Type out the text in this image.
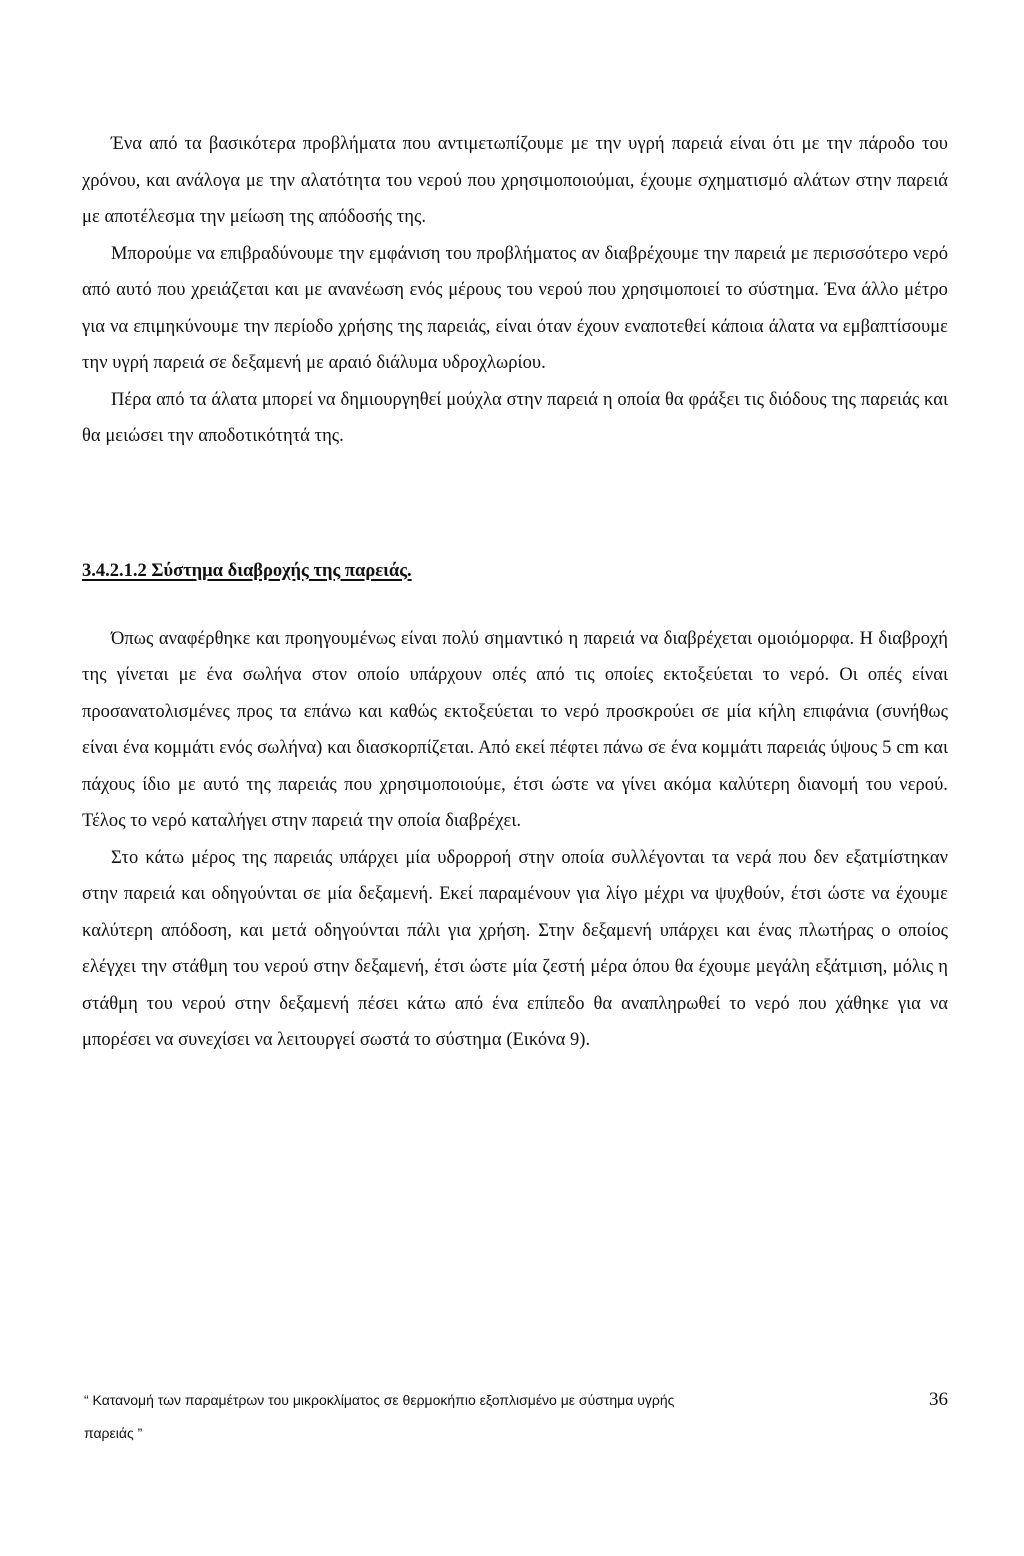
Ένα από τα βασικότερα προβλήματα που αντιμετωπίζουμε με την υγρή παρειά είναι ότι με την πάροδο του χρόνου, και ανάλογα με την αλατότητα του νερού που χρησιμοποιούμαι, έχουμε σχηματισμό αλάτων στην παρειά με αποτέλεσμα την μείωση της απόδοσής της.

Μπορούμε να επιβραδύνουμε την εμφάνιση του προβλήματος αν διαβρέχουμε την παρειά με περισσότερο νερό από αυτό που χρειάζεται και με ανανέωση ενός μέρους του νερού που χρησιμοποιεί το σύστημα. Ένα άλλο μέτρο για να επιμηκύνουμε την περίοδο χρήσης της παρειάς, είναι όταν έχουν εναποτεθεί κάποια άλατα να εμβαπτίσουμε την υγρή παρειά σε δεξαμενή με αραιό διάλυμα υδροχλωρίου.

Πέρα από τα άλατα μπορεί να δημιουργηθεί μούχλα στην παρειά η οποία θα φράξει τις διόδους της παρειάς και θα μειώσει την αποδοτικότητά της.

3.4.2.1.2 Σύστημα διαβροχής της παρειάς.

Όπως αναφέρθηκε και προηγουμένως είναι πολύ σημαντικό η παρειά να διαβρέχεται ομοιόμορφα. Η διαβροχή της γίνεται με ένα σωλήνα στον οποίο υπάρχουν οπές από τις οποίες εκτοξεύεται το νερό. Οι οπές είναι προσανατολισμένες προς τα επάνω και καθώς εκτοξεύεται το νερό προσκρούει σε μία κήλη επιφάνια (συνήθως είναι ένα κομμάτι ενός σωλήνα) και διασκορπίζεται. Από εκεί πέφτει πάνω σε ένα κομμάτι παρειάς ύψους 5 cm και πάχους ίδιο με αυτό της παρειάς που χρησιμοποιούμε, έτσι ώστε να γίνει ακόμα καλύτερη διανομή του νερού. Τέλος το νερό καταλήγει στην παρειά την οποία διαβρέχει.

Στο κάτω μέρος της παρειάς υπάρχει μία υδρορροή στην οποία συλλέγονται τα νερά που δεν εξατμίστηκαν στην παρειά και οδηγούνται σε μία δεξαμενή. Εκεί παραμένουν για λίγο μέχρι να ψυχθούν, έτσι ώστε να έχουμε καλύτερη απόδοση, και μετά οδηγούνται πάλι για χρήση. Στην δεξαμενή υπάρχει και ένας πλωτήρας ο οποίος ελέγχει την στάθμη του νερού στην δεξαμενή, έτσι ώστε μία ζεστή μέρα όπου θα έχουμε μεγάλη εξάτμιση, μόλις η στάθμη του νερού στην δεξαμενή πέσει κάτω από ένα επίπεδο θα αναπληρωθεί το νερό που χάθηκε για να μπορέσει να συνεχίσει να λειτουργεί σωστά το σύστημα (Εικόνα 9).

“ Κατανομή των παραμέτρων του μικροκλίματος σε θερμοκήπιο εξοπλισμένο με σύστημα υγρής	36
παρειάς ”
